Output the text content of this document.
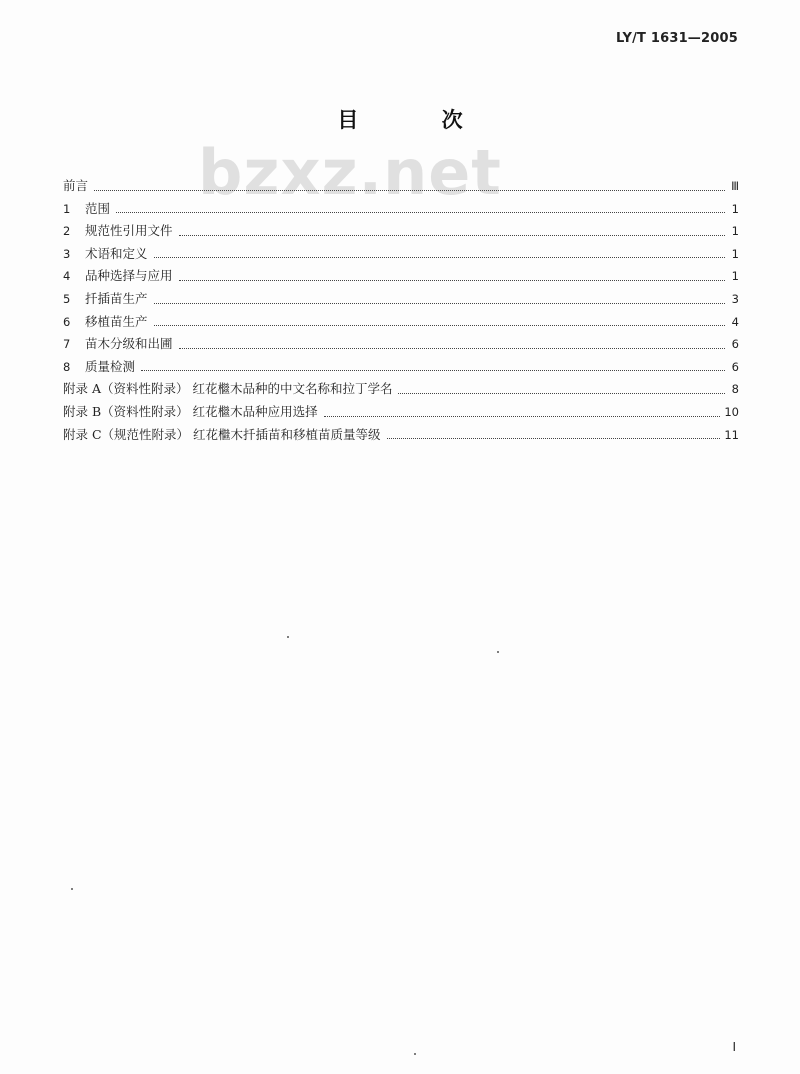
LY/T 1631—2005
目 次
bzxz.net
前言	Ⅲ
1	范围	1
2	规范性引用文件	1
3	术语和定义	1
4	品种选择与应用	1
5	扦插苗生产	3
6	移植苗生产	4
7	苗木分级和出圃	6
8	质量检测	6
附录 A（资料性附录） 红花檵木品种的中文名称和拉丁学名	8
附录 B（资料性附录） 红花檵木品种应用选择	10
附录 C（规范性附录） 红花檵木扦插苗和移植苗质量等级	11
Ⅰ
